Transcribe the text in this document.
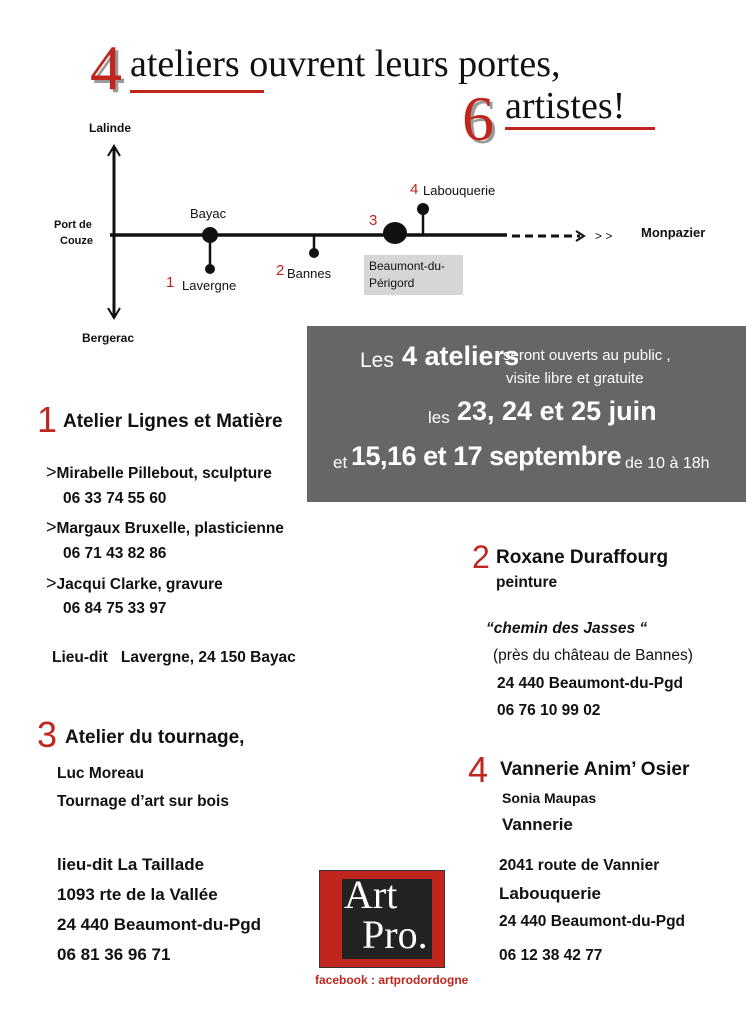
4 ateliers ouvrent leurs portes,
6 artistes!
Lalinde
Port de
Couze
Bergerac
Bayac
1 Lavergne
2 Bannes
3
Beaumont-du-
Périgord
4 Labouquerie
> > Monpazier
Les 4 ateliers
seront ouverts au public ,
visite libre et gratuite
les 23, 24 et 25 juin
et 15,16 et 17 septembre de 10 à 18h
1 Atelier Lignes et Matière
>Mirabelle Pillebout, sculpture
06 33 74 55 60
>Margaux Bruxelle, plasticienne
06 71 43 82 86
>Jacqui Clarke, gravure
06 84 75 33 97
Lieu-dit   Lavergne, 24 150 Bayac
2 Roxane Duraffourg
peinture
“chemin des Jasses “
(près du château de Bannes)
24 440 Beaumont-du-Pgd
06 76 10 99 02
3 Atelier du tournage,
Luc Moreau
Tournage d’art sur bois
lieu-dit La Taillade
1093 rte de la Vallée
24 440 Beaumont-du-Pgd
06 81 36 96 71
4 Vannerie Anim’ Osier
Sonia Maupas
Vannerie
2041 route de Vannier
Labouquerie
24 440 Beaumont-du-Pgd
06 12 38 42 77
Art
Pro.
facebook : artprodordogne
